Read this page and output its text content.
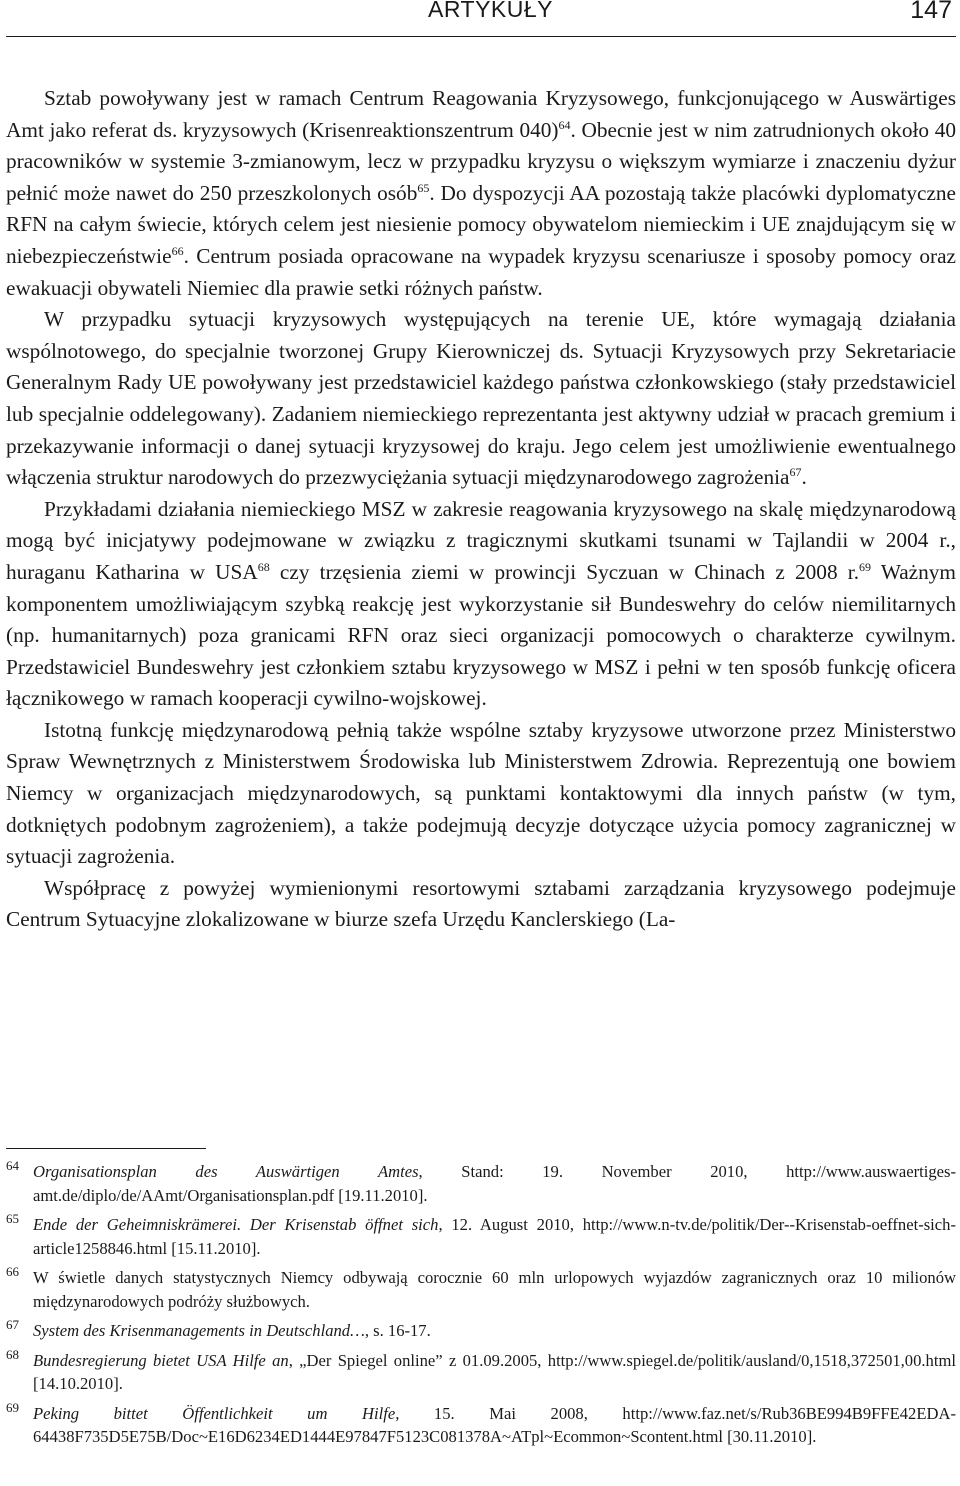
ARTYKUŁY	147

Sztab powoływany jest w ramach Centrum Reagowania Kryzysowego, funkcjonującego w Auswärtiges Amt jako referat ds. kryzysowych (Krisenreaktionszentrum 040)$^{64}$. Obecnie jest w nim zatrudnionych około 40 pracowników w systemie 3-zmianowym, lecz w przypadku kryzysu o większym wymiarze i znaczeniu dyżur pełnić może nawet do 250 przeszkolonych osób$^{65}$. Do dyspozycji AA pozostają także placówki dyplomatyczne RFN na całym świecie, których celem jest niesienie pomocy obywatelom niemieckim i UE znajdującym się w niebezpieczeństwie$^{66}$. Centrum posiada opracowane na wypadek kryzysu scenariusze i sposoby pomocy oraz ewakuacji obywateli Niemiec dla prawie setki różnych państw.

W przypadku sytuacji kryzysowych występujących na terenie UE, które wymagają działania wspólnotowego, do specjalnie tworzonej Grupy Kierowniczej ds. Sytuacji Kryzysowych przy Sekretariacie Generalnym Rady UE powoływany jest przedstawiciel każdego państwa członkowskiego (stały przedstawiciel lub specjalnie oddelegowany). Zadaniem niemieckiego reprezentanta jest aktywny udział w pracach gremium i przekazywanie informacji o danej sytuacji kryzysowej do kraju. Jego celem jest umożliwienie ewentualnego włączenia struktur narodowych do przezwyciężania sytuacji międzynarodowego zagrożenia$^{67}$.

Przykładami działania niemieckiego MSZ w zakresie reagowania kryzysowego na skalę międzynarodową mogą być inicjatywy podejmowane w związku z tragicznymi skutkami tsunami w Tajlandii w 2004 r., huraganu Katharina w USA$^{68}$ czy trzęsienia ziemi w prowincji Syczuan w Chinach z 2008 r.$^{69}$ Ważnym komponentem umożliwiającym szybką reakcję jest wykorzystanie sił Bundeswehry do celów niemilitarnych (np. humanitarnych) poza granicami RFN oraz sieci organizacji pomocowych o charakterze cywilnym. Przedstawiciel Bundeswehry jest członkiem sztabu kryzysowego w MSZ i pełni w ten sposób funkcję oficera łącznikowego w ramach kooperacji cywilno-wojskowej.

Istotną funkcję międzynarodową pełnią także wspólne sztaby kryzysowe utworzone przez Ministerstwo Spraw Wewnętrznych z Ministerstwem Środowiska lub Ministerstwem Zdrowia. Reprezentują one bowiem Niemcy w organizacjach międzynarodowych, są punktami kontaktowymi dla innych państw (w tym, dotkniętych podobnym zagrożeniem), a także podejmują decyzje dotyczące użycia pomocy zagranicznej w sytuacji zagrożenia.

Współpracę z powyżej wymienionymi resortowymi sztabami zarządzania kryzysowego podejmuje Centrum Sytuacyjne zlokalizowane w biurze szefa Urzędu Kanclerskiego (La-

64 Organisationsplan des Auswärtigen Amtes, Stand: 19. November 2010, http://www.auswaertiges-amt.de/diplo/de/AAmt/Organisationsplan.pdf [19.11.2010].
65 Ende der Geheimniskrämerei. Der Krisenstab öffnet sich, 12. August 2010, http://www.n-tv.de/politik/Der--Krisenstab-oeffnet-sich-article1258846.html [15.11.2010].
66 W świetle danych statystycznych Niemcy odbywają corocznie 60 mln urlopowych wyjazdów zagranicznych oraz 10 milionów międzynarodowych podróży służbowych.
67 System des Krisenmanagements in Deutschland…, s. 16-17.
68 Bundesregierung bietet USA Hilfe an, „Der Spiegel online” z 01.09.2005, http://www.spiegel.de/politik/ausland/0,1518,372501,00.html [14.10.2010].
69 Peking bittet Öffentlichkeit um Hilfe, 15. Mai 2008, http://www.faz.net/s/Rub36BE994B9FFE42EDA-64438F735D5E75B/Doc~E16D6234ED1444E97847F5123C081378A~ATpl~Ecommon~Scontent.html [30.11.2010].
